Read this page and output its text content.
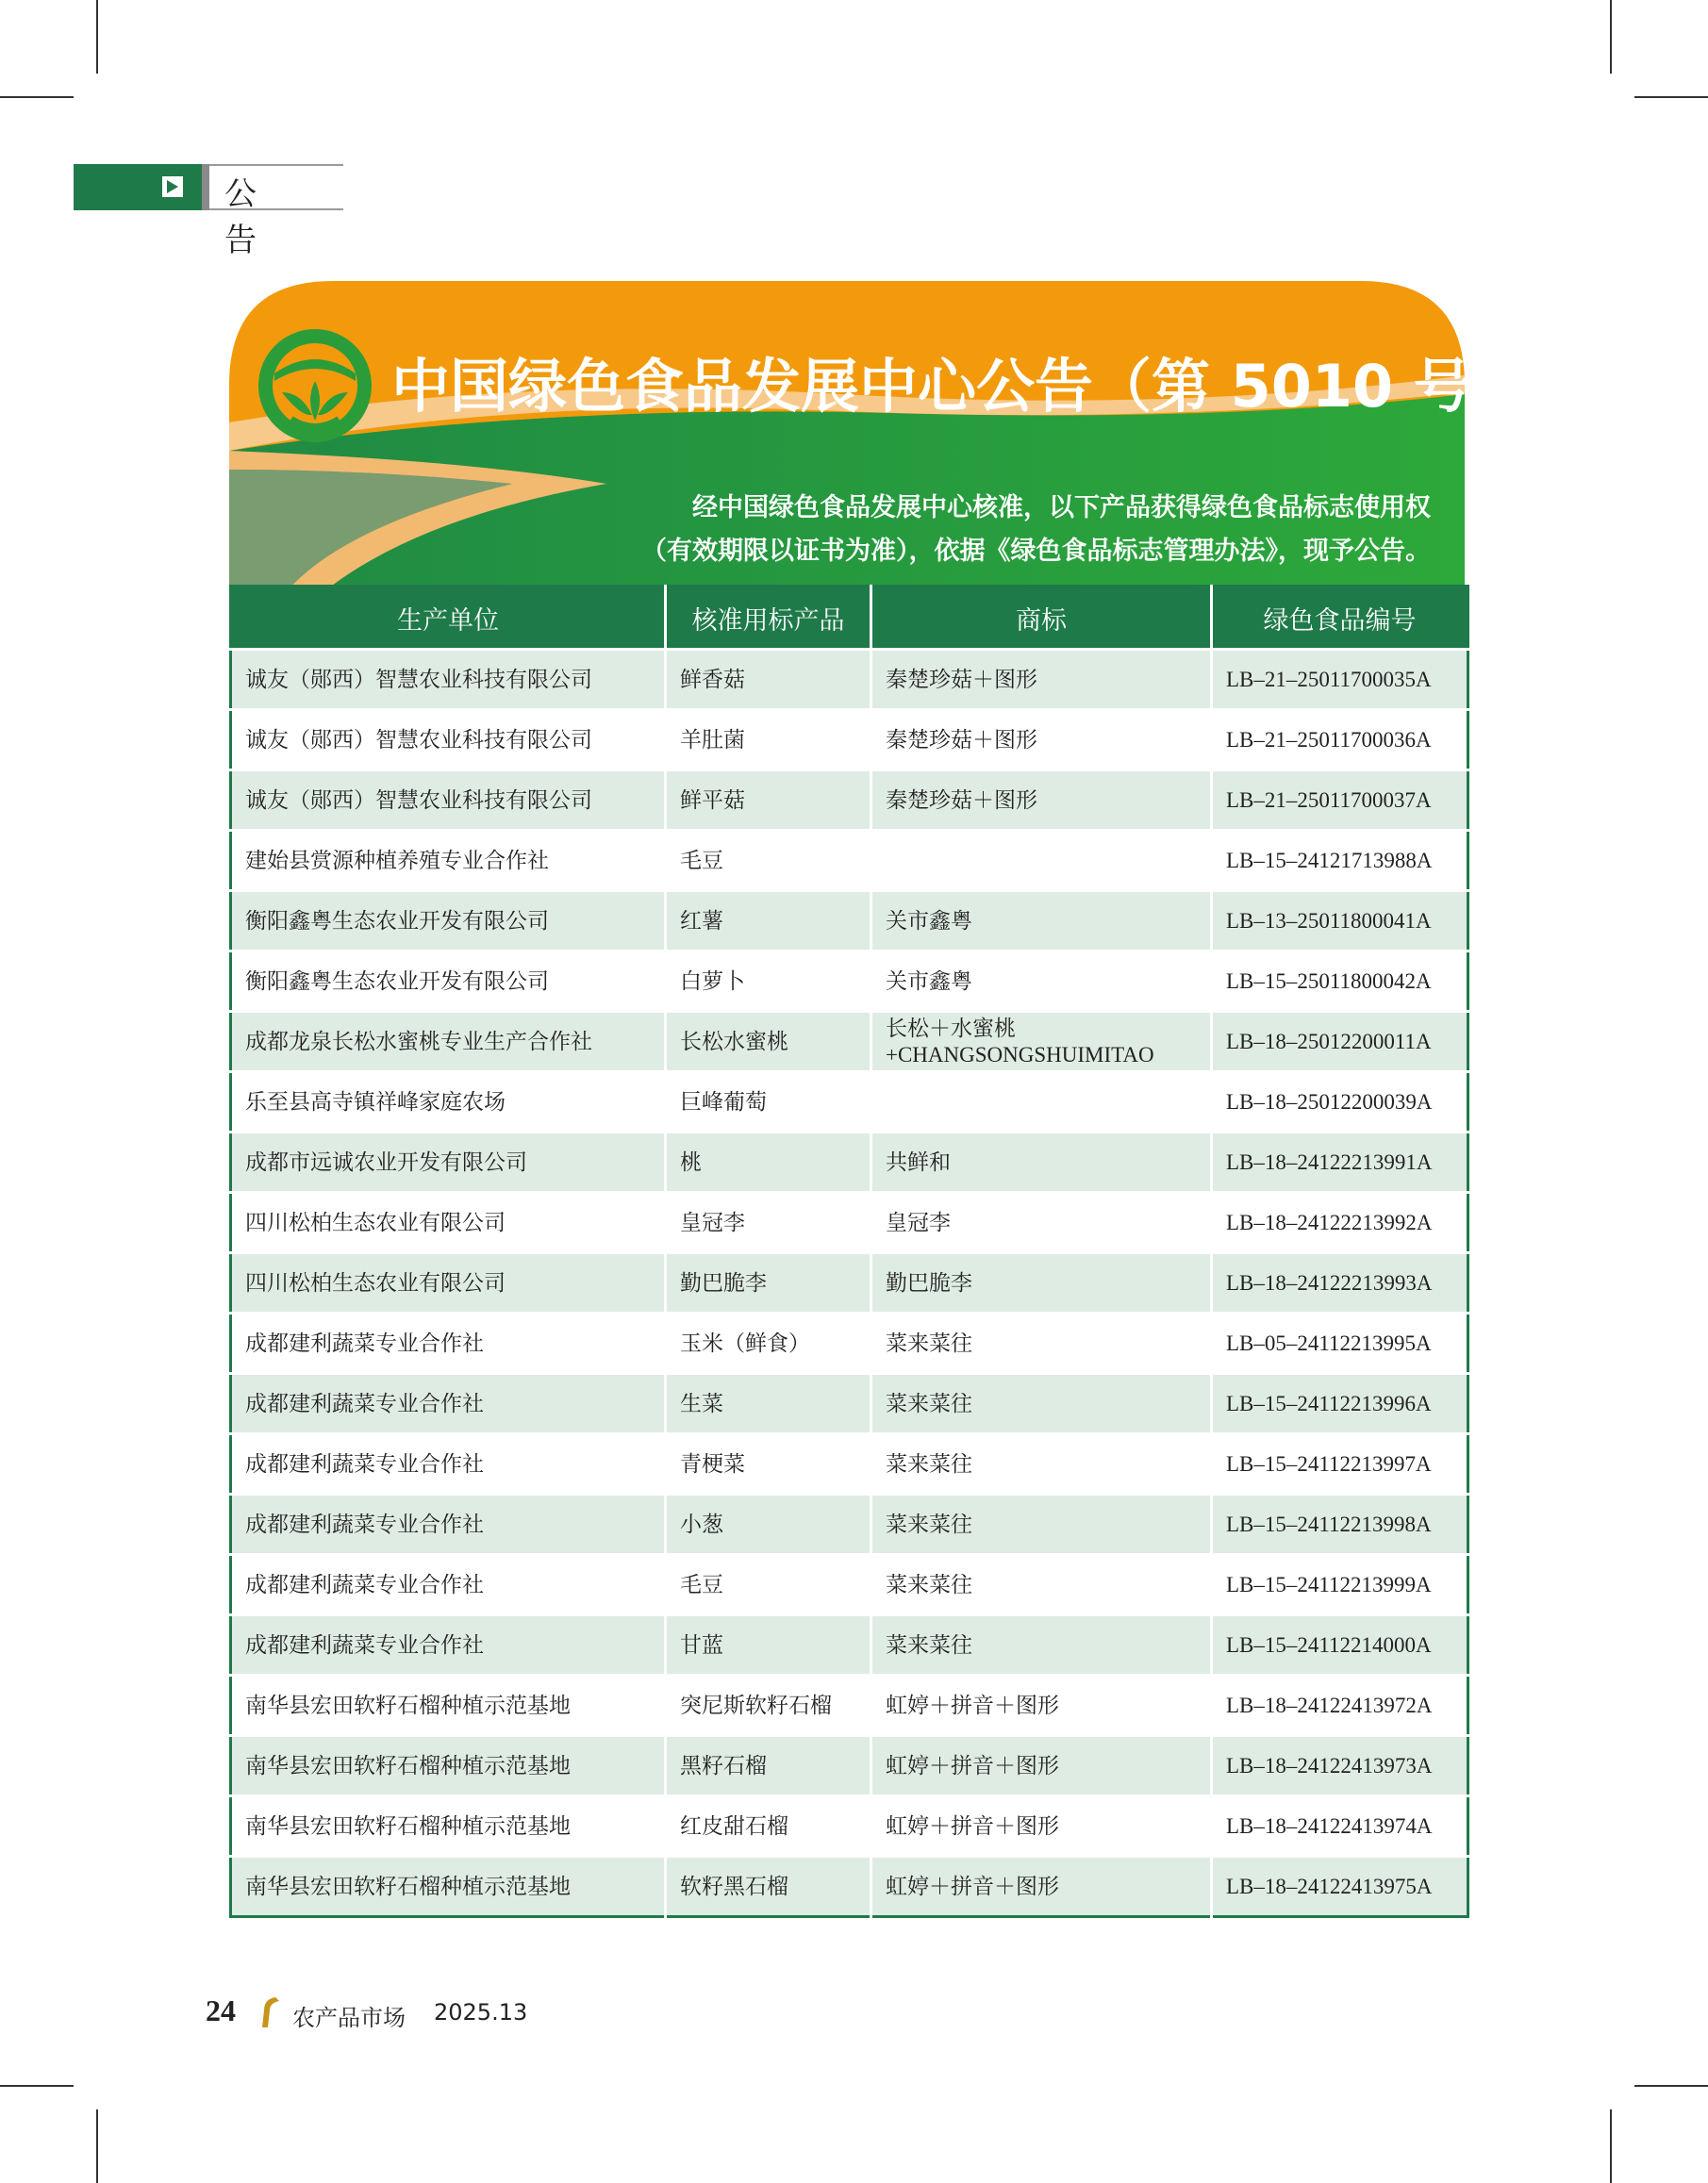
公 告
中国绿色食品发展中心公告（第 5010 号）
经中国绿色食品发展中心核准，以下产品获得绿色食品标志使用权
（有效期限以证书为准），依据《绿色食品标志管理办法》，现予公告。
生产单位	核准用标产品	商标	绿色食品编号
诚友（郧西）智慧农业科技有限公司	鲜香菇	秦楚珍菇＋图形	LB–21–25011700035A
诚友（郧西）智慧农业科技有限公司	羊肚菌	秦楚珍菇＋图形	LB–21–25011700036A
诚友（郧西）智慧农业科技有限公司	鲜平菇	秦楚珍菇＋图形	LB–21–25011700037A
建始县赏源种植养殖专业合作社	毛豆		LB–15–24121713988A
衡阳鑫粤生态农业开发有限公司	红薯	关市鑫粤	LB–13–25011800041A
衡阳鑫粤生态农业开发有限公司	白萝卜	关市鑫粤	LB–15–25011800042A
成都龙泉长松水蜜桃专业生产合作社	长松水蜜桃	长松＋水蜜桃
+CHANGSONGSHUIMITAO	LB–18–25012200011A
乐至县高寺镇祥峰家庭农场	巨峰葡萄		LB–18–25012200039A
成都市远诚农业开发有限公司	桃	共鲜和	LB–18–24122213991A
四川松柏生态农业有限公司	皇冠李	皇冠李	LB–18–24122213992A
四川松柏生态农业有限公司	勤巴脆李	勤巴脆李	LB–18–24122213993A
成都建利蔬菜专业合作社	玉米（鲜食）	菜来菜往	LB–05–24112213995A
成都建利蔬菜专业合作社	生菜	菜来菜往	LB–15–24112213996A
成都建利蔬菜专业合作社	青梗菜	菜来菜往	LB–15–24112213997A
成都建利蔬菜专业合作社	小葱	菜来菜往	LB–15–24112213998A
成都建利蔬菜专业合作社	毛豆	菜来菜往	LB–15–24112213999A
成都建利蔬菜专业合作社	甘蓝	菜来菜往	LB–15–24112214000A
南华县宏田软籽石榴种植示范基地	突尼斯软籽石榴	虹婷＋拼音＋图形	LB–18–24122413972A
南华县宏田软籽石榴种植示范基地	黑籽石榴	虹婷＋拼音＋图形	LB–18–24122413973A
南华县宏田软籽石榴种植示范基地	红皮甜石榴	虹婷＋拼音＋图形	LB–18–24122413974A
南华县宏田软籽石榴种植示范基地	软籽黑石榴	虹婷＋拼音＋图形	LB–18–24122413975A
24	农产品市场 2025.13
